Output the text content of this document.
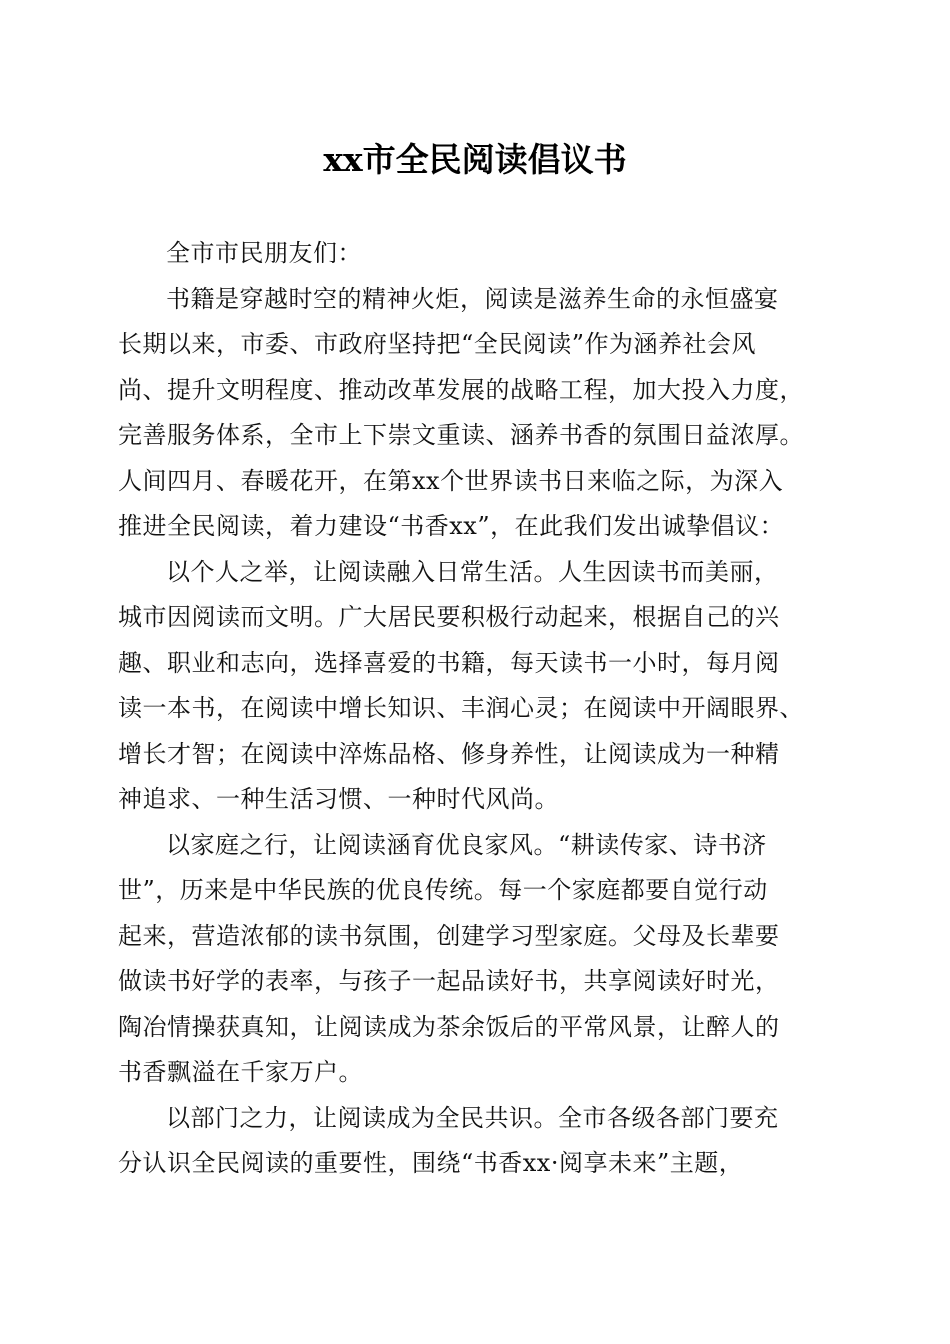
xx市全民阅读倡议书

全市市民朋友们：

书籍是穿越时空的精神火炬，阅读是滋养生命的永恒盛宴
长期以来，市委、市政府坚持把“全民阅读”作为涵养社会风
尚、提升文明程度、推动改革发展的战略工程，加大投入力度，
完善服务体系，全市上下崇文重读、涵养书香的氛围日益浓厚。
人间四月、春暖花开，在第xx个世界读书日来临之际，为深入
推进全民阅读，着力建设“书香xx”，在此我们发出诚挚倡议：

以个人之举，让阅读融入日常生活。人生因读书而美丽，
城市因阅读而文明。广大居民要积极行动起来，根据自己的兴
趣、职业和志向，选择喜爱的书籍，每天读书一小时，每月阅
读一本书，在阅读中增长知识、丰润心灵；在阅读中开阔眼界、
增长才智；在阅读中淬炼品格、修身养性，让阅读成为一种精
神追求、一种生活习惯、一种时代风尚。

以家庭之行，让阅读涵育优良家风。“耕读传家、诗书济
世”，历来是中华民族的优良传统。每一个家庭都要自觉行动
起来，营造浓郁的读书氛围，创建学习型家庭。父母及长辈要
做读书好学的表率，与孩子一起品读好书，共享阅读好时光，
陶冶情操获真知，让阅读成为茶余饭后的平常风景，让醉人的
书香飘溢在千家万户。

以部门之力，让阅读成为全民共识。全市各级各部门要充
分认识全民阅读的重要性，围绕“书香xx·阅享未来”主题，
